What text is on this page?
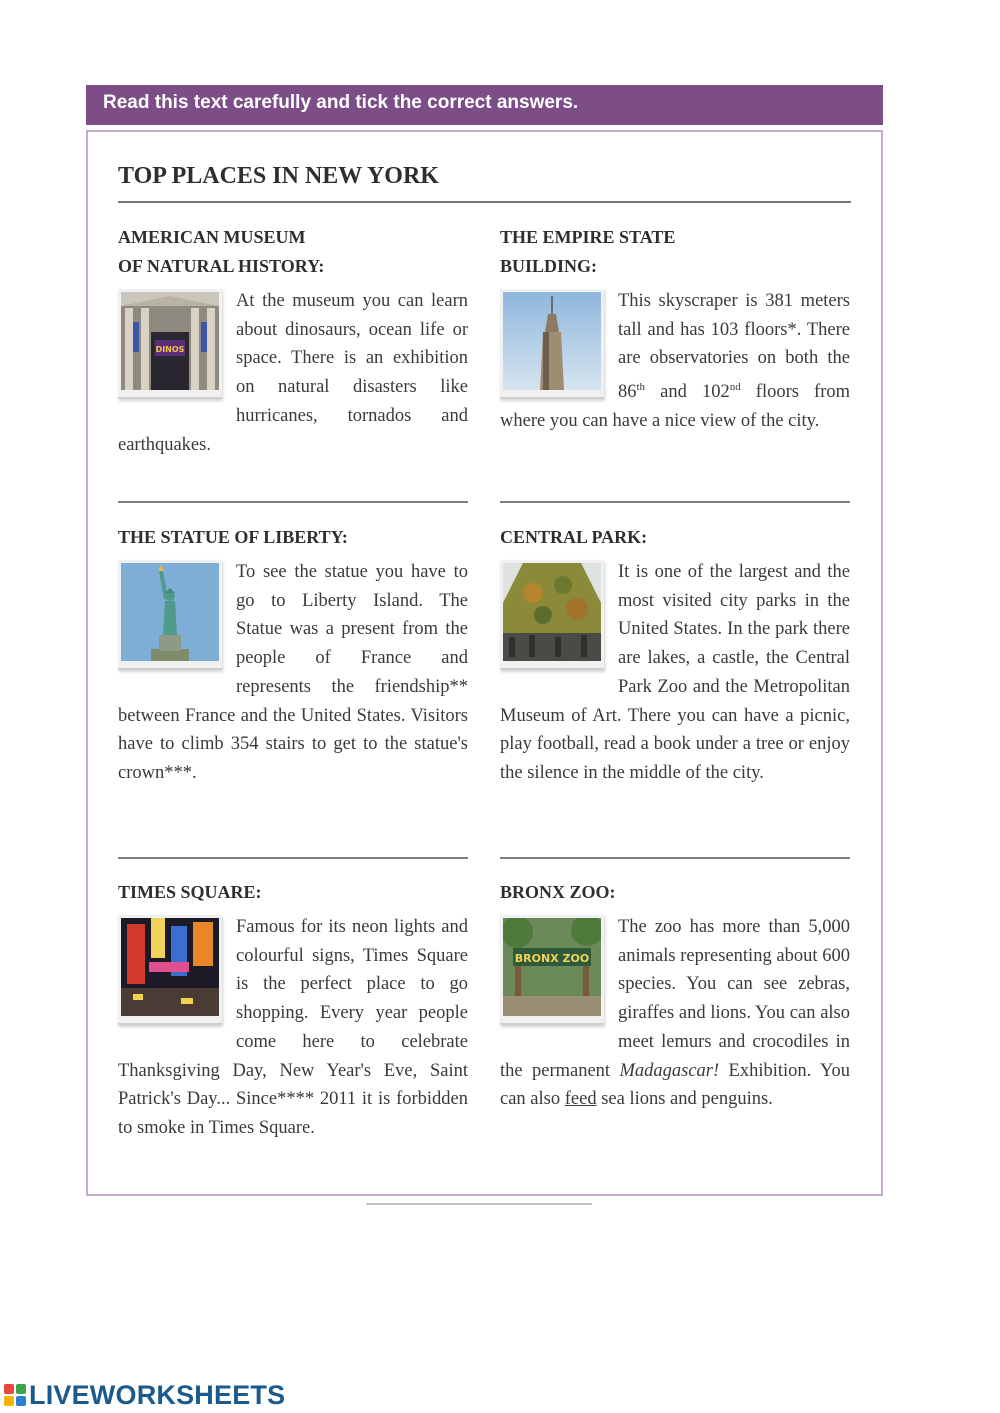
Read this text carefully and tick the correct answers.
TOP PLACES IN NEW YORK
AMERICAN MUSEUM
OF NATURAL HISTORY:
DINOS

At the museum you can learn about dinosaurs, ocean life or space. There is an exhibition on natural disasters like hurricanes, tornados and earthquakes.

THE EMPIRE STATE
BUILDING:

This skyscraper is 381 meters tall and has 103 floors*. There are observatories on both the 86th and 102nd floors from where you can have a nice view of the city.

THE STATUE OF LIBERTY:

To see the statue you have to go to Liberty Island. The Statue was a present from the people of France and represents the friendship** between France and the United States. Visitors have to climb 354 stairs to get to the statue's crown***.

CENTRAL PARK:

It is one of the largest and the most visited city parks in the United States. In the park there are lakes, a castle, the Central Park Zoo and the Metropolitan Museum of Art. There you can have a picnic, play football, read a book under a tree or enjoy the silence in the middle of the city.

TIMES SQUARE:

Famous for its neon lights and colourful signs, Times Square is the perfect place to go shopping. Every year people come here to celebrate Thanksgiving Day, New Year's Eve, Saint Patrick's Day... Since**** 2011 it is forbidden to smoke in Times Square.

BRONX ZOO:
BRONX ZOO

The zoo has more than 5,000 animals representing about 600 species. You can see zebras, giraffes and lions. You can also meet lemurs and crocodiles in the permanent Madagascar! Exhibition. You can also feed sea lions and penguins.

LIVEWORKSHEETS
